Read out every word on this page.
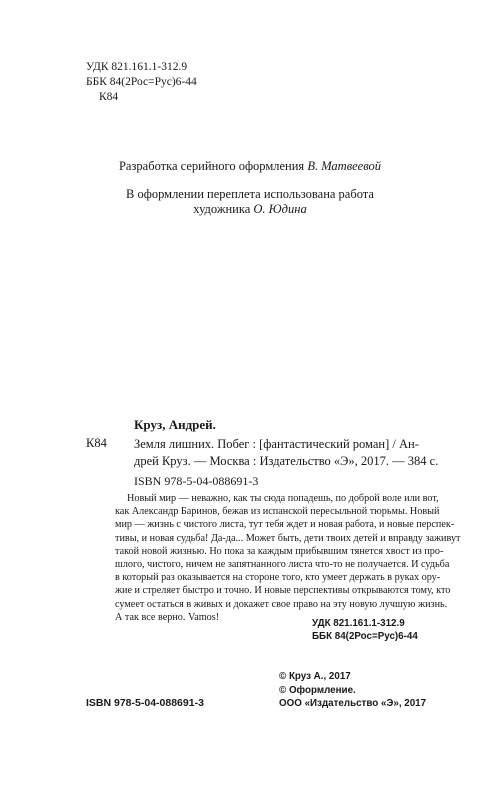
УДК 821.161.1-312.9
ББК 84(2Рос=Рус)6-44
К84
Разработка серийного оформления В. Матвеевой
В оформлении переплета использована работа
художника О. Юдина
Круз, Андрей.
К84 Земля лишних. Побег : [фантастический роман] / Ан-
дрей Круз. — Москва : Издательство «Э», 2017. — 384 с.
ISBN 978-5-04-088691-3
Новый мир — неважно, как ты сюда попадешь, по доброй воле или вот,
как Александр Баринов, бежав из испанской пересыльной тюрьмы. Новый
мир — жизнь с чистого листа, тут тебя ждет и новая работа, и новые перспек-
тивы, и новая судьба! Да-да... Может быть, дети твоих детей и вправду заживут
такой новой жизнью. Но пока за каждым прибывшим тянется хвост из про-
шлого, чистого, ничем не запятнанного листа что-то не получается. И судьба
в который раз оказывается на стороне того, кто умеет держать в руках ору-
жие и стреляет быстро и точно. И новые перспективы открываются тому, кто
сумеет остаться в живых и докажет свое право на эту новую лучшую жизнь.
А так все верно. Vamos!
УДК 821.161.1-312.9
ББК 84(2Рос=Рус)6-44
© Круз А., 2017
© Оформление.
ООО «Издательство «Э», 2017
ISBN 978-5-04-088691-3
